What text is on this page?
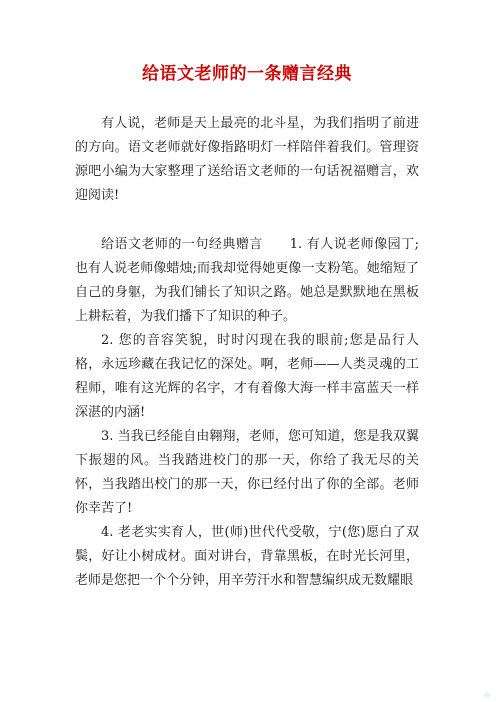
给语文老师的一条赠言经典

有人说，老师是天上最亮的北斗星，为我们指明了前进的方向。语文老师就好像指路明灯一样陪伴着我们。管理资源吧小编为大家整理了送给语文老师的一句话祝福赠言，欢迎阅读!

给语文老师的一句经典赠言　　1. 有人说老师像园丁;也有人说老师像蜡烛;而我却觉得她更像一支粉笔。她缩短了自己的身躯，为我们铺长了知识之路。她总是默默地在黑板上耕耘着，为我们播下了知识的种子。

2. 您的音容笑貌，时时闪现在我的眼前;您是品行人格，永远珍藏在我记忆的深处。啊，老师——人类灵魂的工程师，唯有这光辉的名字，才有着像大海一样丰富蓝天一样深湛的内涵!

3. 当我已经能自由翱翔，老师，您可知道，您是我双翼下振翅的风。当我踏进校门的那一天，你给了我无尽的关怀，当我踏出校门的那一天，你已经付出了你的全部。老师你幸苦了!

4. 老老实实育人，世(师)世代代受敬，宁(您)愿白了双鬓，好让小树成材。面对讲台，背靠黑板，在时光长河里，老师是您把一个个分钟，用辛劳汗水和智慧编织成无数耀眼
